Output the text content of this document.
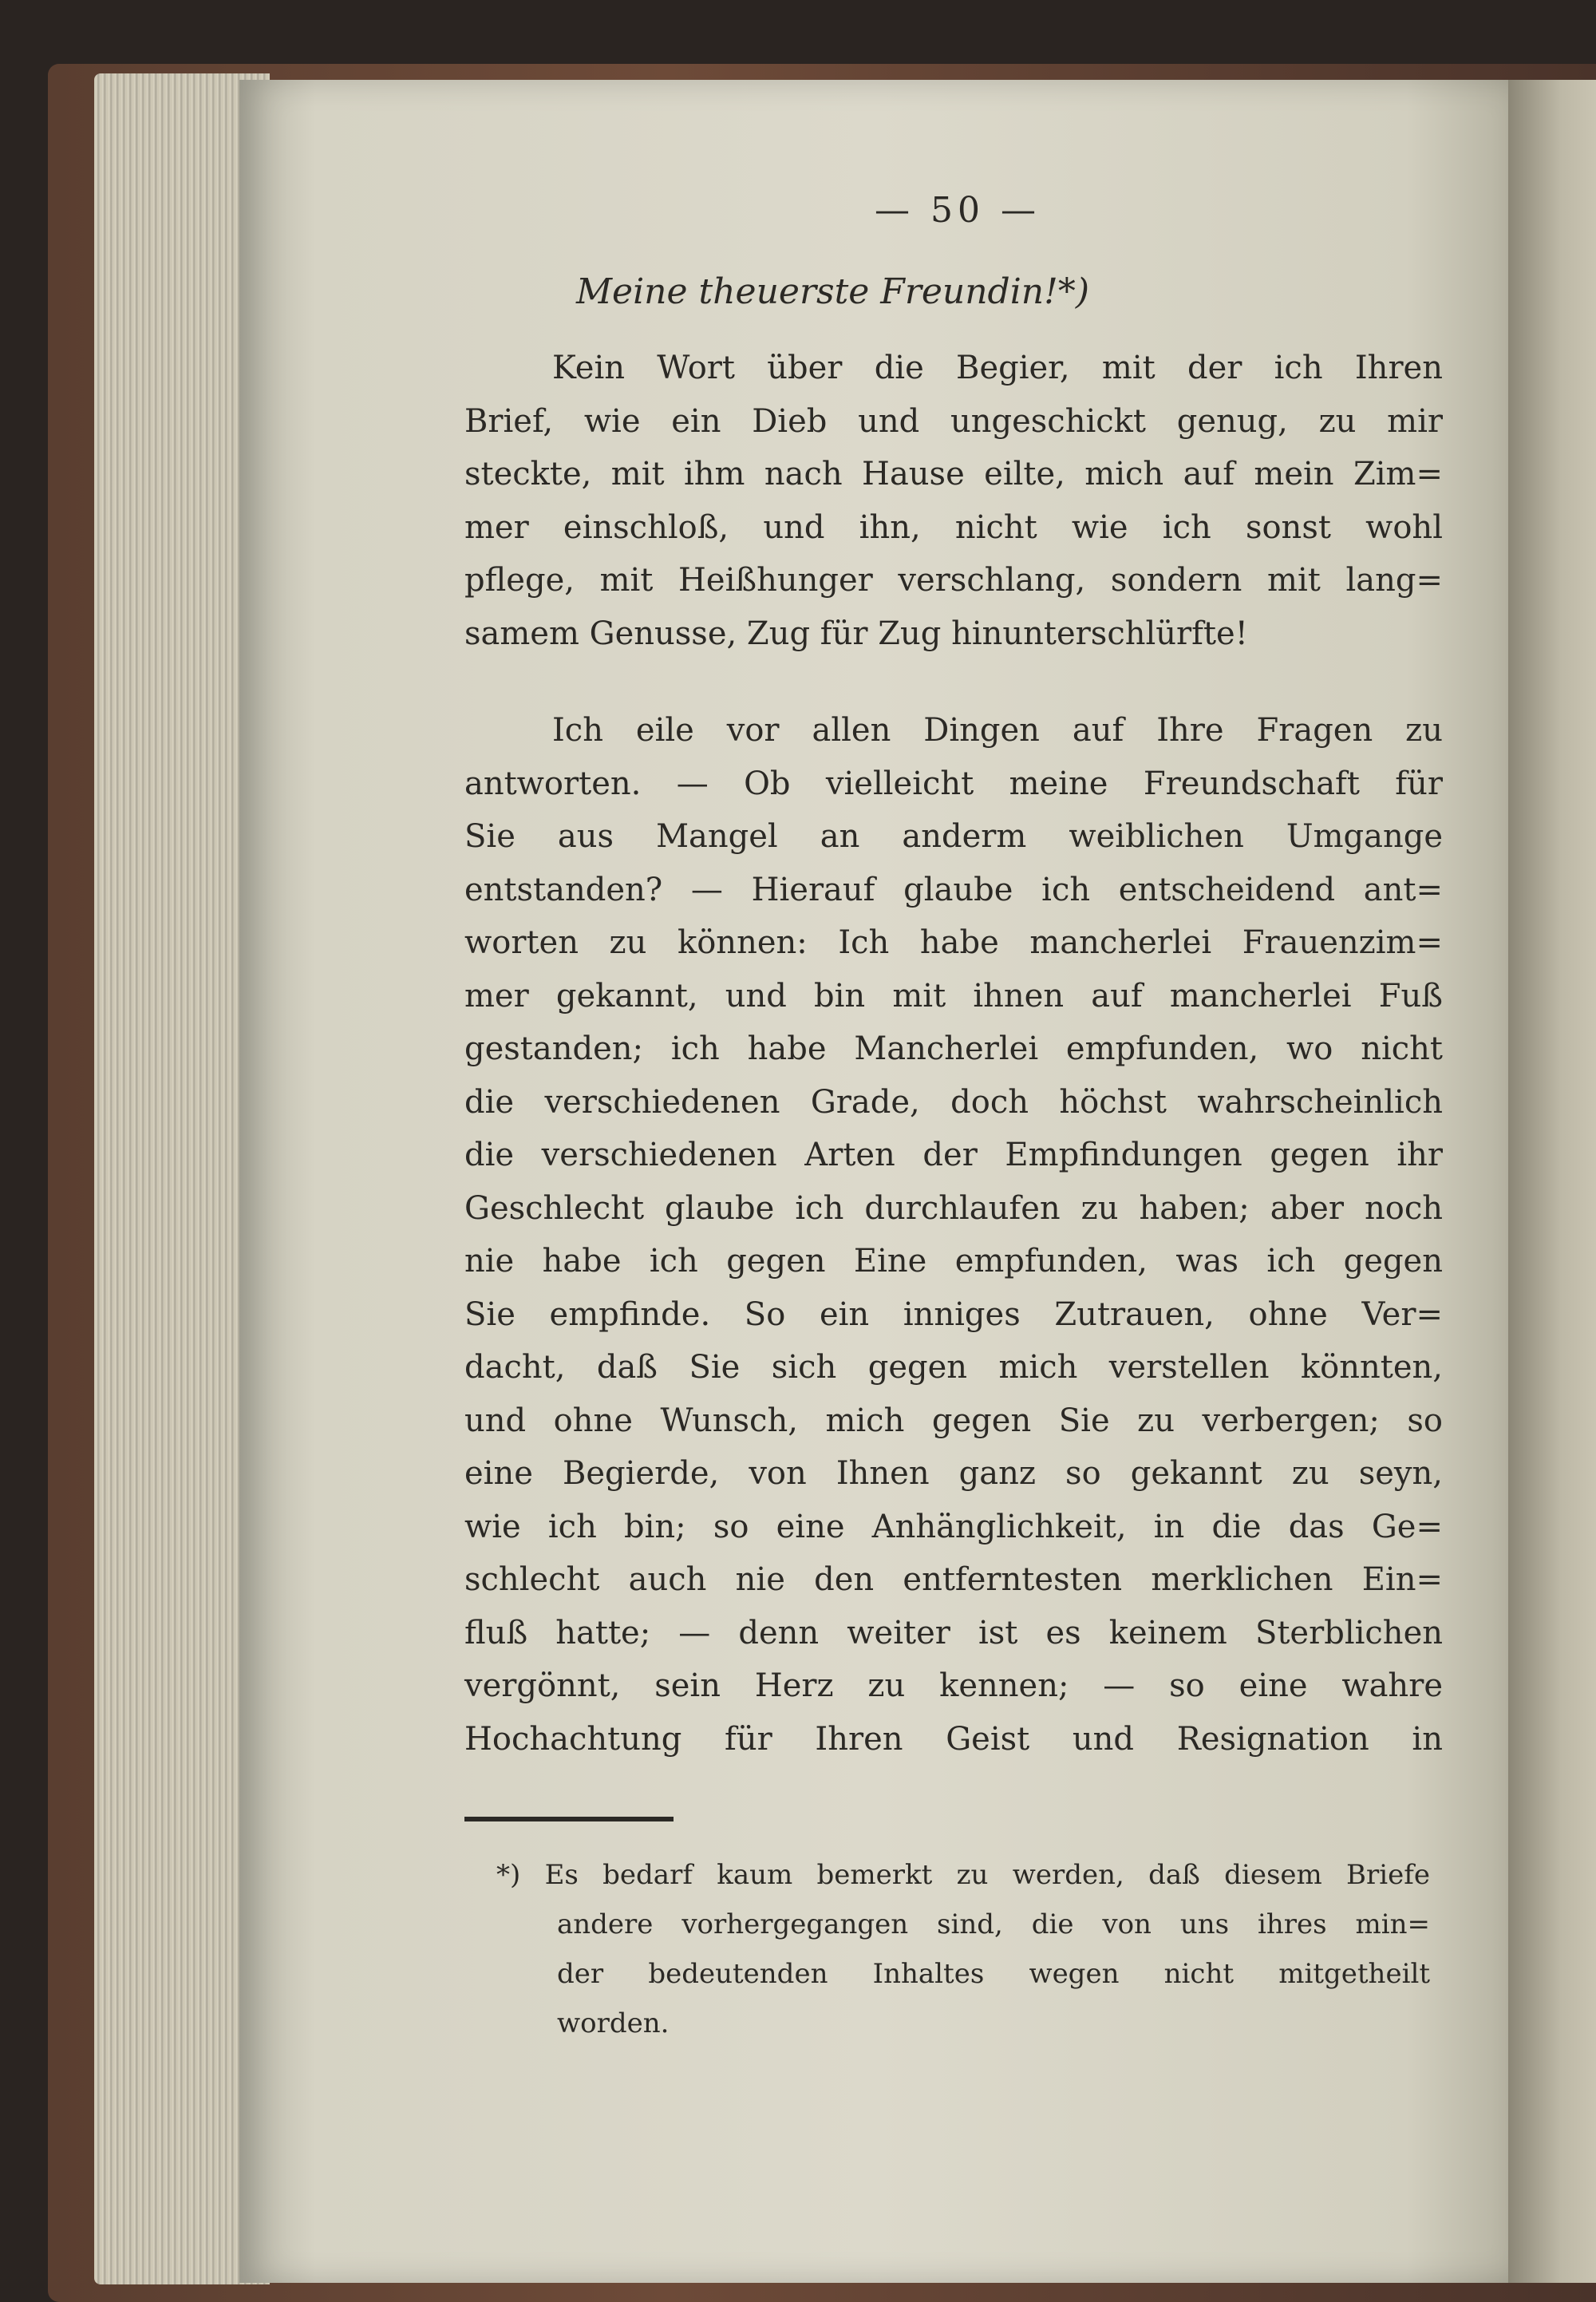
— 50 —
Meine theuerste Freundin!*)
Kein Wort über die Begier, mit der ich Ihren
Brief, wie ein Dieb und ungeschickt genug, zu mir
steckte, mit ihm nach Hause eilte, mich auf mein Zim=
mer einschloß, und ihn, nicht wie ich sonst wohl
pflege, mit Heißhunger verschlang, sondern mit lang=
samem Genusse, Zug für Zug hinunterschlürfte!
Ich eile vor allen Dingen auf Ihre Fragen zu
antworten. — Ob vielleicht meine Freundschaft für
Sie aus Mangel an anderm weiblichen Umgange
entstanden? — Hierauf glaube ich entscheidend ant=
worten zu können: Ich habe mancherlei Frauenzim=
mer gekannt, und bin mit ihnen auf mancherlei Fuß
gestanden; ich habe Mancherlei empfunden, wo nicht
die verschiedenen Grade, doch höchst wahrscheinlich
die verschiedenen Arten der Empfindungen gegen ihr
Geschlecht glaube ich durchlaufen zu haben; aber noch
nie habe ich gegen Eine empfunden, was ich gegen
Sie empfinde. So ein inniges Zutrauen, ohne Ver=
dacht, daß Sie sich gegen mich verstellen könnten,
und ohne Wunsch, mich gegen Sie zu verbergen; so
eine Begierde, von Ihnen ganz so gekannt zu seyn,
wie ich bin; so eine Anhänglichkeit, in die das Ge=
schlecht auch nie den entferntesten merklichen Ein=
fluß hatte; — denn weiter ist es keinem Sterblichen
vergönnt, sein Herz zu kennen; — so eine wahre
Hochachtung für Ihren Geist und Resignation in
*) Es bedarf kaum bemerkt zu werden, daß diesem Briefe
andere vorhergegangen sind, die von uns ihres min=
der bedeutenden Inhaltes wegen nicht mitgetheilt
worden.
